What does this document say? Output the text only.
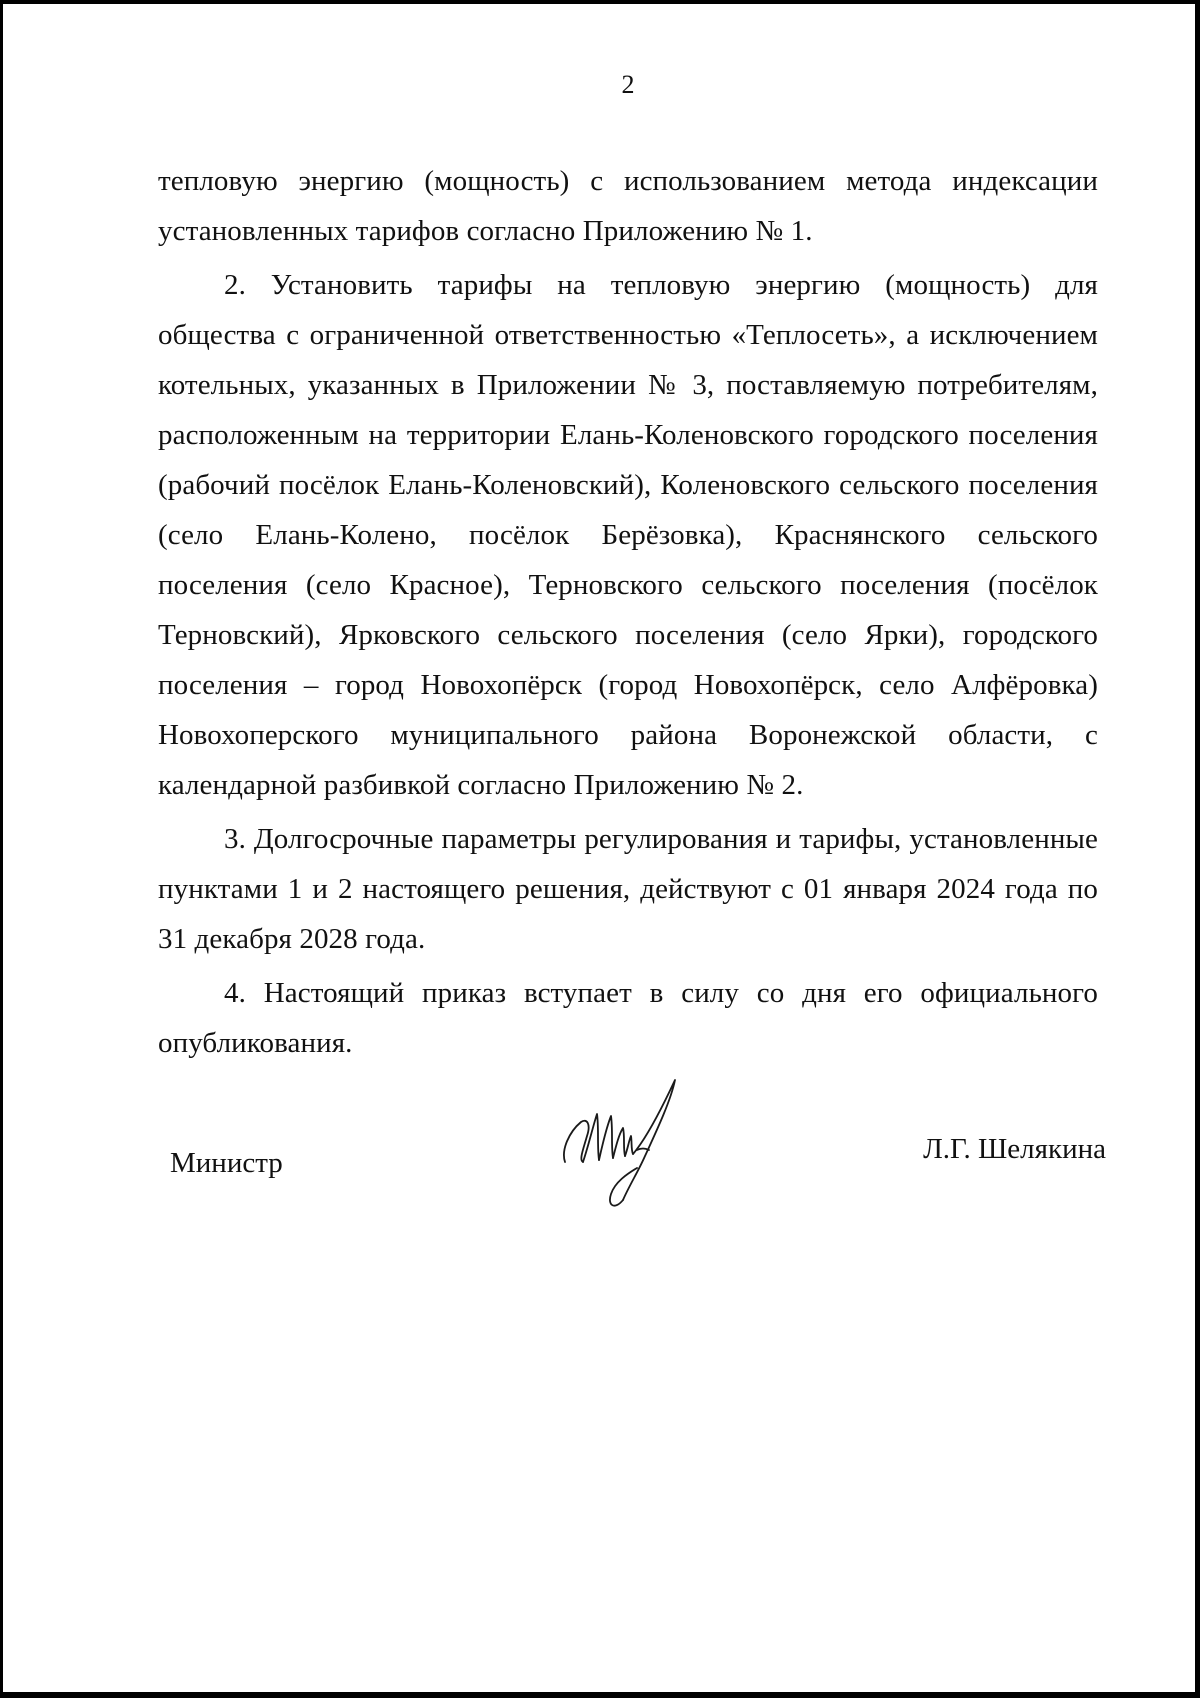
2

тепловую энергию (мощность) с использованием метода индексации установленных тарифов согласно Приложению № 1.

2. Установить тарифы на тепловую энергию (мощность) для общества с ограниченной ответственностью «Теплосеть», а исключением котельных, указанных в Приложении № 3, поставляемую потребителям, расположенным на территории Елань-Коленовского городского поселения (рабочий посёлок Елань-Коленовский), Коленовского сельского поселения (село Елань-Колено, посёлок Берёзовка), Краснянского сельского поселения (село Красное), Терновского сельского поселения (посёлок Терновский), Ярковского сельского поселения (село Ярки), городского поселения – город Новохопёрск (город Новохопёрск, село Алфёровка) Новохоперского муниципального района Воронежской области, с календарной разбивкой согласно Приложению № 2.

3. Долгосрочные параметры регулирования и тарифы, установленные пунктами 1 и 2 настоящего решения, действуют с 01 января 2024 года по 31 декабря 2028 года.

4. Настоящий приказ вступает в силу со дня его официального опубликования.

Министр	Л.Г. Шелякина
